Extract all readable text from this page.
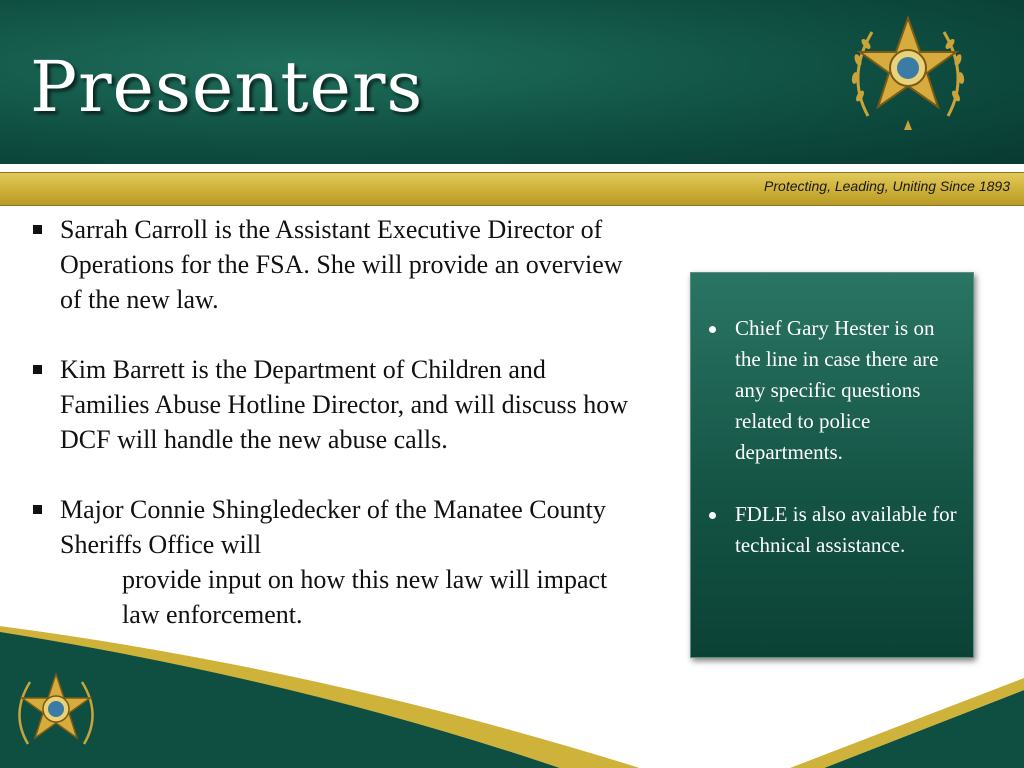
Presenters
Protecting, Leading, Uniting Since 1893
Sarrah Carroll is the Assistant Executive Director of Operations for the FSA. She will provide an overview of the new law.
Kim Barrett is the Department of Children and Families Abuse Hotline Director, and will discuss how DCF will handle the new abuse calls.
Major Connie Shingledecker of the Manatee County Sheriffs Office will
provide input on how this new law will impact law enforcement.
Chief Gary Hester is on the line in case there are any specific questions related to police departments.
FDLE is also available for technical assistance.
